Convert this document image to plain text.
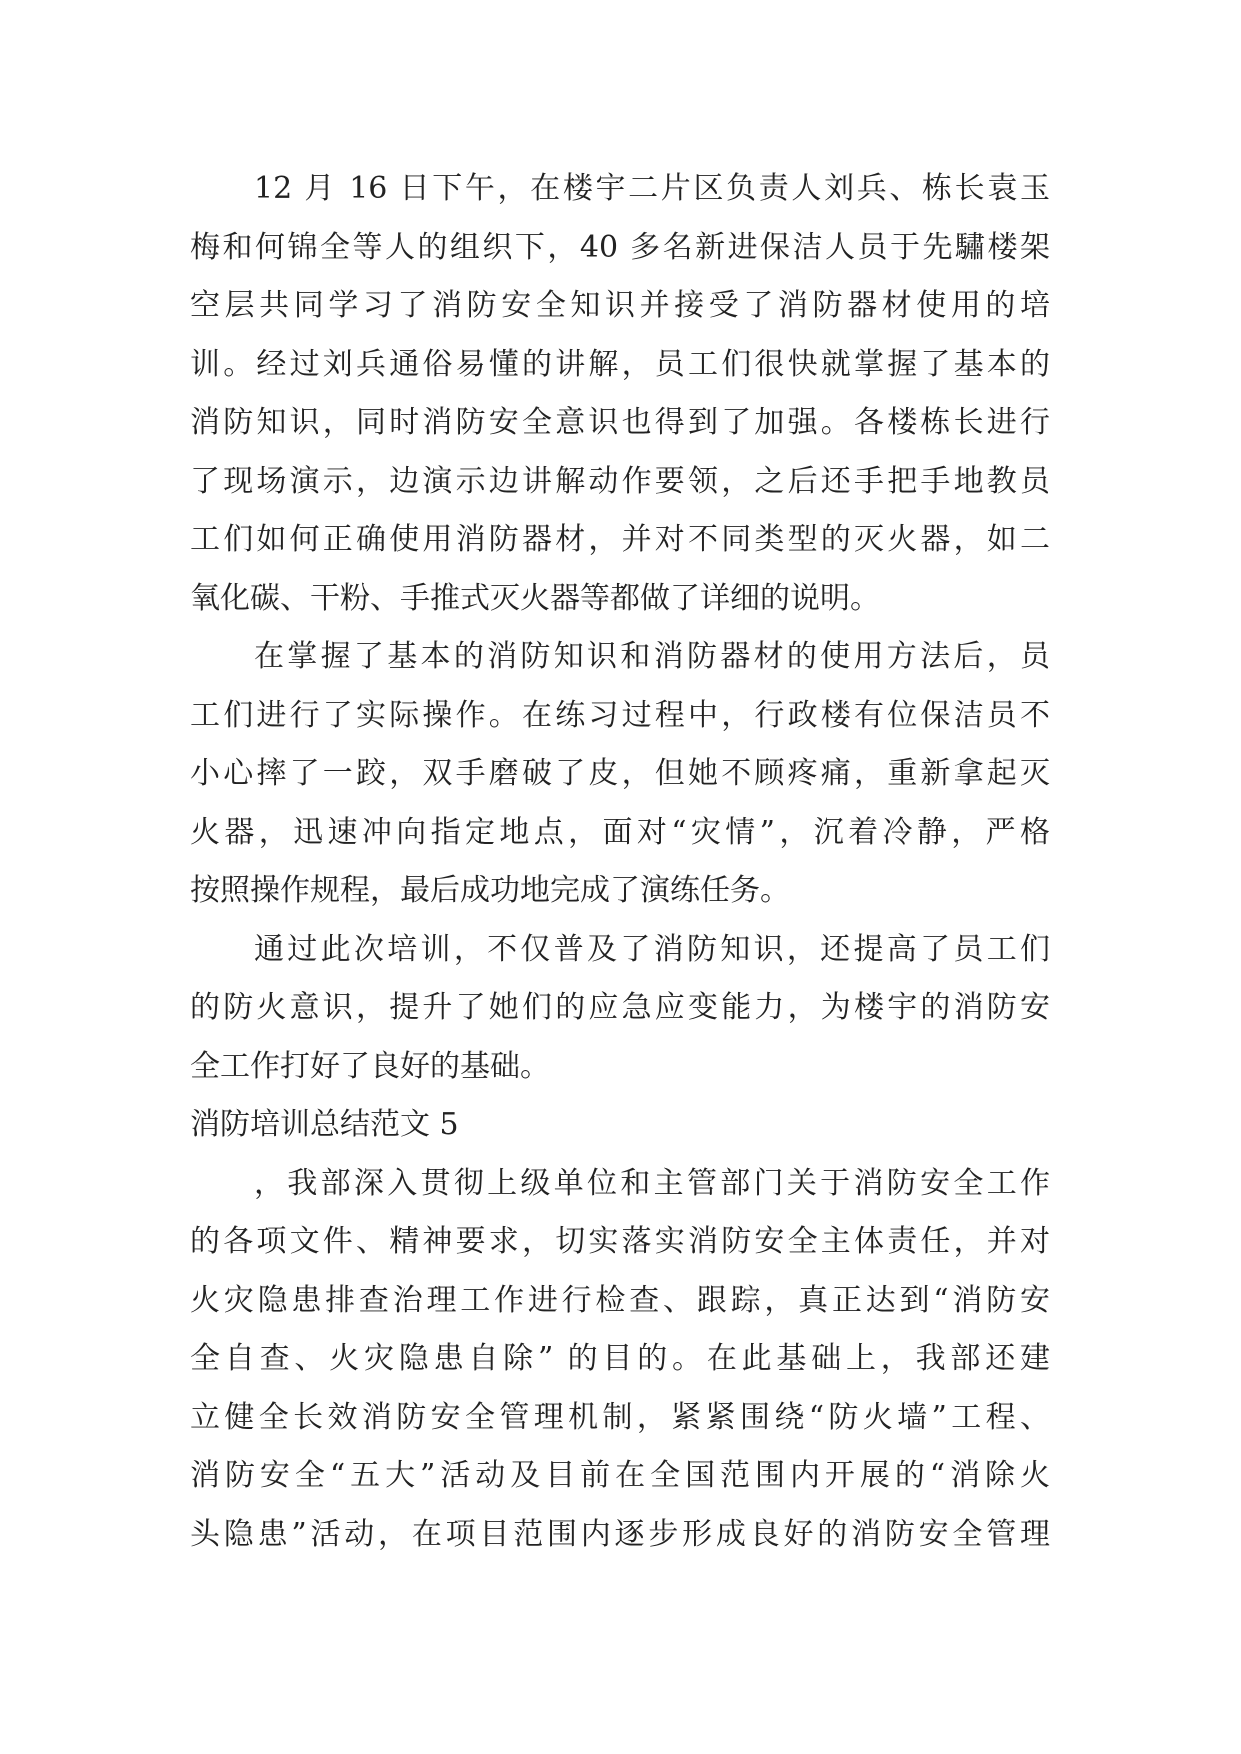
12 月 16 日下午，在楼宇二片区负责人刘兵、栋长袁玉
梅和何锦全等人的组织下，40 多名新进保洁人员于先驌楼架
空层共同学习了消防安全知识并接受了消防器材使用的培
训。经过刘兵通俗易懂的讲解，员工们很快就掌握了基本的
消防知识，同时消防安全意识也得到了加强。各楼栋长进行
了现场演示，边演示边讲解动作要领，之后还手把手地教员
工们如何正确使用消防器材，并对不同类型的灭火器，如二
氧化碳、干粉、手推式灭火器等都做了详细的说明。
在掌握了基本的消防知识和消防器材的使用方法后，员
工们进行了实际操作。在练习过程中，行政楼有位保洁员不
小心摔了一跤，双手磨破了皮，但她不顾疼痛，重新拿起灭
火器，迅速冲向指定地点，面对“灾情”，沉着冷静，严格
按照操作规程，最后成功地完成了演练任务。
通过此次培训，不仅普及了消防知识，还提高了员工们
的防火意识，提升了她们的应急应变能力，为楼宇的消防安
全工作打好了良好的基础。
消防培训总结范文 5
，我部深入贯彻上级单位和主管部门关于消防安全工作
的各项文件、精神要求，切实落实消防安全主体责任，并对
火灾隐患排查治理工作进行检查、跟踪，真正达到“消防安
全自查、火灾隐患自除” 的目的。在此基础上，我部还建
立健全长效消防安全管理机制，紧紧围绕“防火墙”工程、
消防安全“五大”活动及目前在全国范围内开展的“消除火
头隐患”活动，在项目范围内逐步形成良好的消防安全管理
